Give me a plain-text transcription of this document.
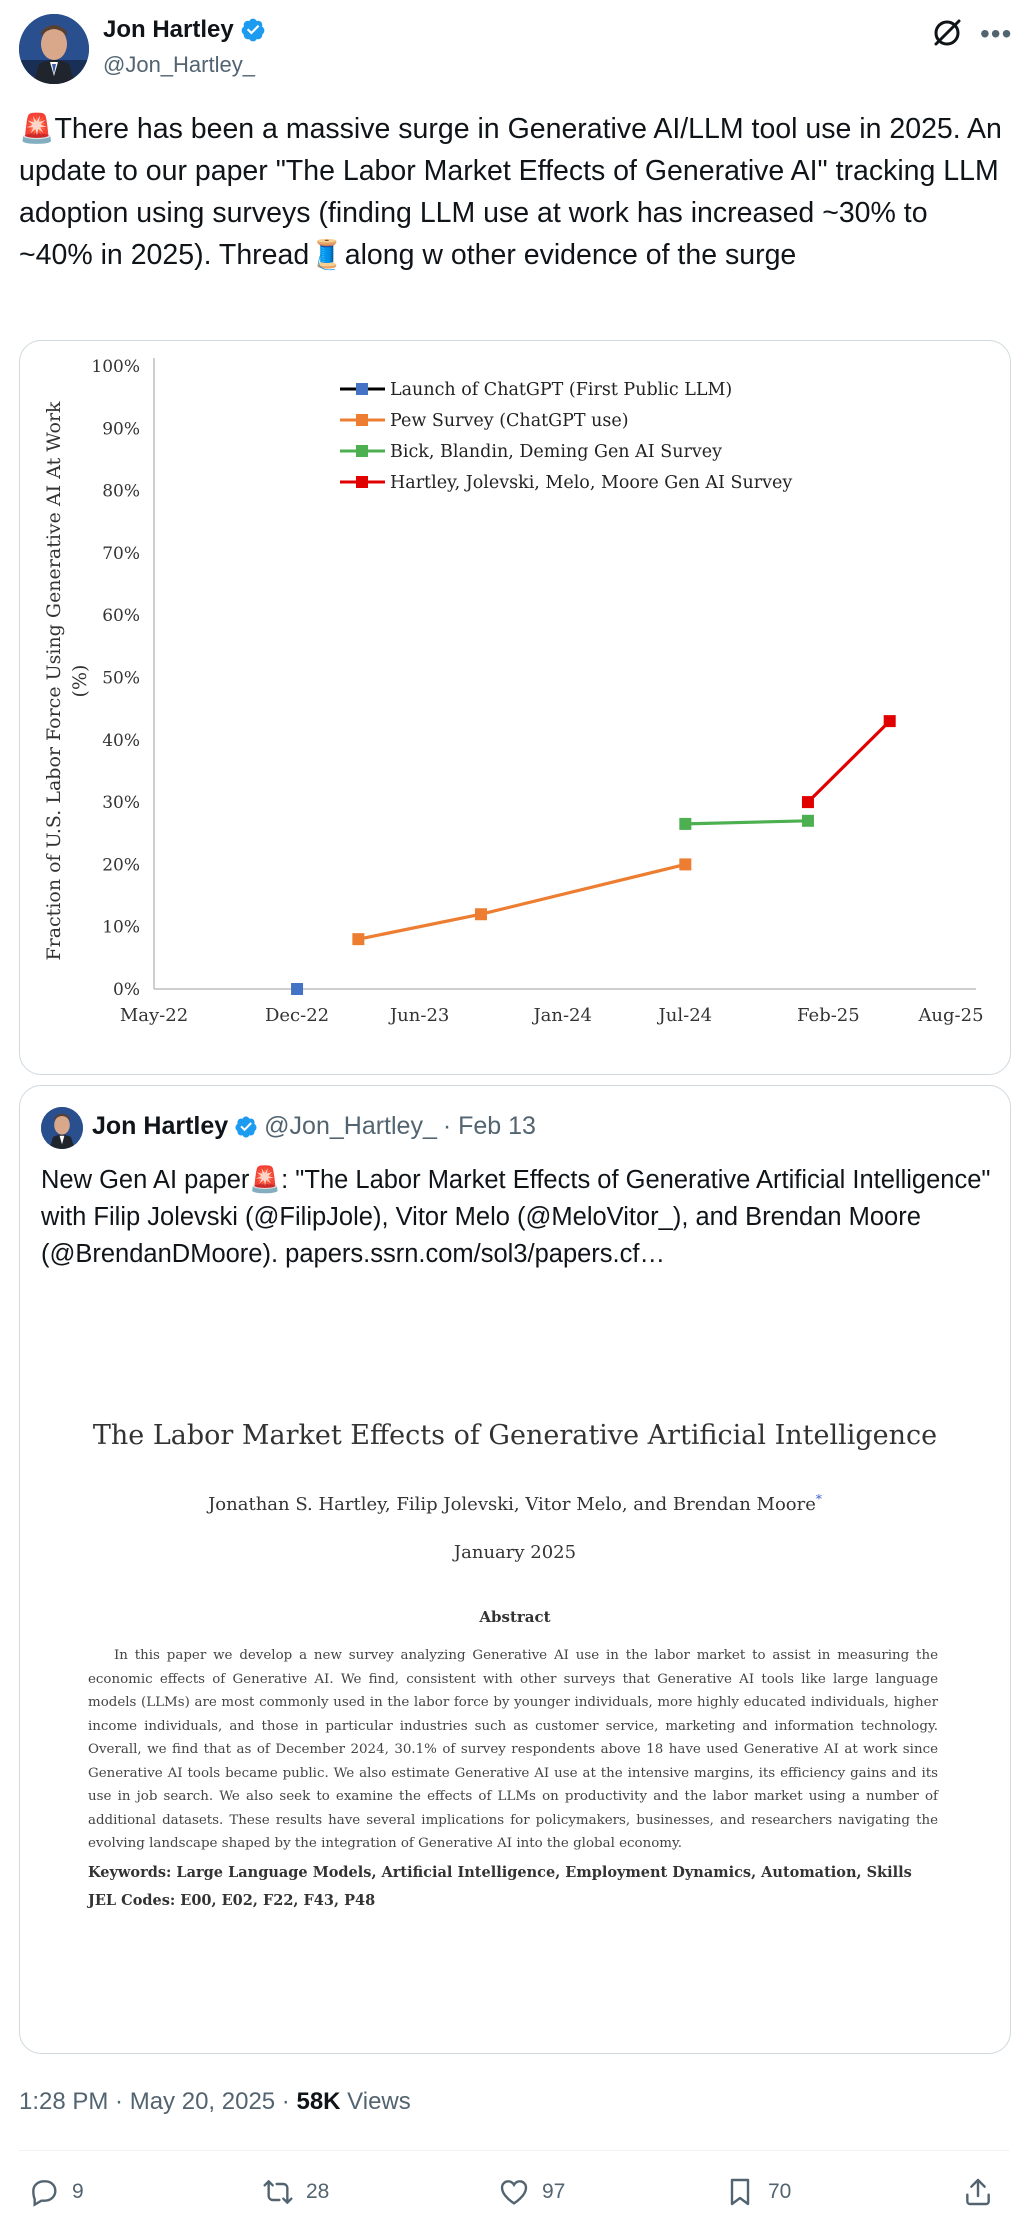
Jon Hartley
@Jon_Hartley_
•••
🚨There has been a massive surge in Generative AI/LLM tool use in 2025. An update to our paper "The Labor Market Effects of Generative AI" tracking LLM adoption using surveys (finding LLM use at work has increased ~30% to ~40% in 2025). Thread🧵along w other evidence of the surge
0%
10%
20%
30%
40%
50%
60%
70%
80%
90%
100%
May-22	Dec-22	Jun-23	Jan-24	Jul-24	Feb-25	Aug-25
Fraction of U.S. Labor Force Using Generative AI At Work (%)
Launch of ChatGPT (First Public LLM)
Pew Survey (ChatGPT use)
Bick, Blandin, Deming Gen AI Survey
Hartley, Jolevski, Melo, Moore Gen AI Survey
Jon Hartley @Jon_Hartley_ · Feb 13
New Gen AI paper🚨: "The Labor Market Effects of Generative Artificial Intelligence" with Filip Jolevski (@FilipJole), Vitor Melo (@MeloVitor_), and Brendan Moore (@BrendanDMoore). papers.ssrn.com/sol3/papers.cf…
The Labor Market Effects of Generative Artificial Intelligence
Jonathan S. Hartley, Filip Jolevski, Vitor Melo, and Brendan Moore*
January 2025
Abstract
In this paper we develop a new survey analyzing Generative AI use in the labor market to assist in measuring the economic effects of Generative AI. We find, consistent with other surveys that Generative AI tools like large language models (LLMs) are most commonly used in the labor force by younger individuals, more highly educated individuals, higher income individuals, and those in particular industries such as customer service, marketing and information technology. Overall, we find that as of December 2024, 30.1% of survey respondents above 18 have used Generative AI at work since Generative AI tools became public. We also estimate Generative AI use at the intensive margins, its efficiency gains and its use in job search. We also seek to examine the effects of LLMs on productivity and the labor market using a number of additional datasets. These results have several implications for policymakers, businesses, and researchers navigating the evolving landscape shaped by the integration of Generative AI into the global economy.
Keywords: Large Language Models, Artificial Intelligence, Employment Dynamics, Automation, Skills
JEL Codes: E00, E02, F22, F43, P48
1:28 PM · May 20, 2025 · 58K Views
9	28	97	70
